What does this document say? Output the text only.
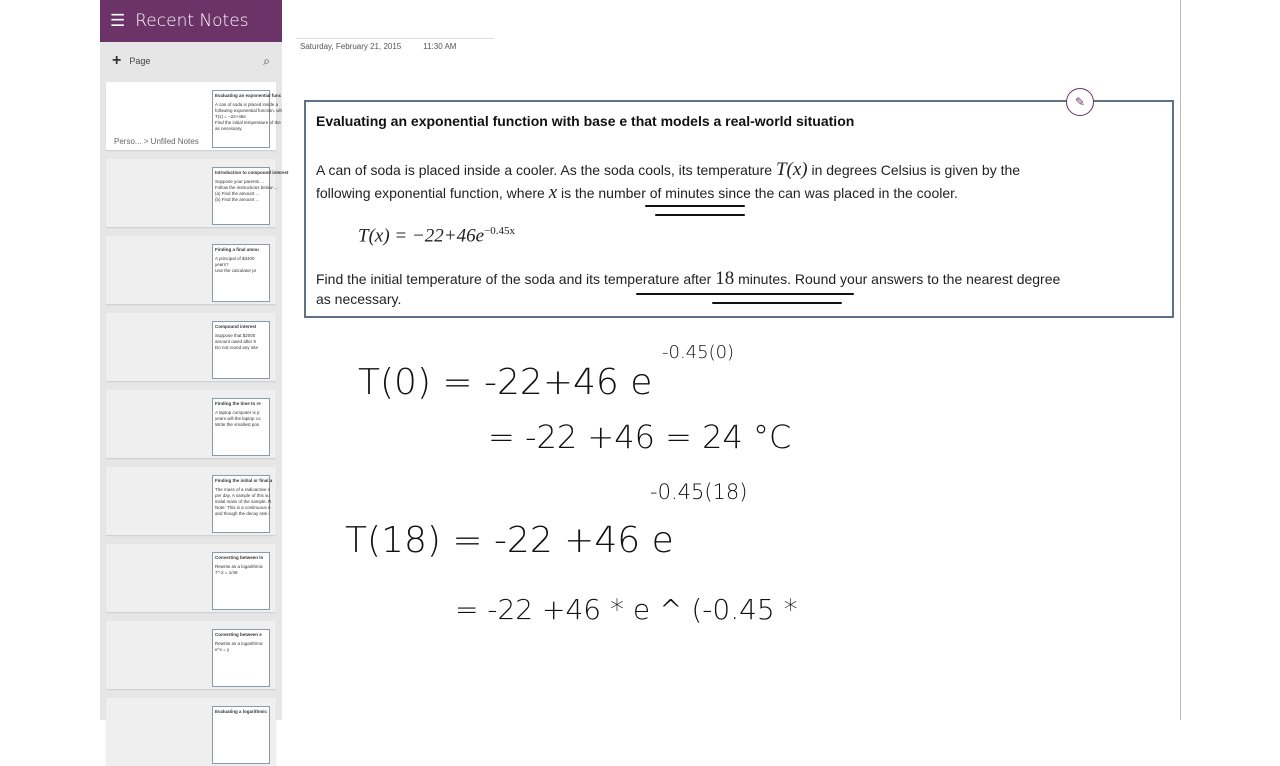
☰ Recent Notes
+ Page	⌕
Evaluating an exponential func
A can of soda is placed inside a
following exponential function, wh
T(x) = −22+46e
Find the initial temperature of the
as necessary.
Perso... > Unfiled Notes
Introduction to compound interest
Suppose your parents ...
Follow the instructions below ...
(a) Find the amount ...
(b) Find the amount ...
Finding a final amou
A principal of $3400
years?
Use the calculator pr
Compound interest
Suppose that $2000
amount owed after 5
Do not round any inte
Finding the time to re
A laptop computer is p
years will the laptop co
Write the smallest pos
Finding the initial or final a
The mass of a radioactive s
per day. A sample of this su
initial mass of the sample. R
Note: This is a continuous e
and though the decay rate i
Converting between lo
Rewrite as a logarithmic
7^-2 = 1/49
Converting between e
Rewrite as a logarithmic
e^x = y
Evaluating a logarithmic
Saturday, February 21, 2015	11:30 AM
Evaluating an exponential function with base e that models a real-world situation
A can of soda is placed inside a cooler. As the soda cools, its temperature T(x) in degrees Celsius is given by the
following exponential function, where x is the number of minutes since the can was placed in the cooler.
$T(x) = -22+46e^{-0.45x}$
Find the initial temperature of the soda and its temperature after 18 minutes. Round your answers to the nearest degree
as necessary.
✎
T(0) = -22+46 e
-0.45(0)
= -22 +46 = 24 °C
T(18) = -22 +46 e
-0.45(18)
= -22 +46 * e ^ (-0.45 *
